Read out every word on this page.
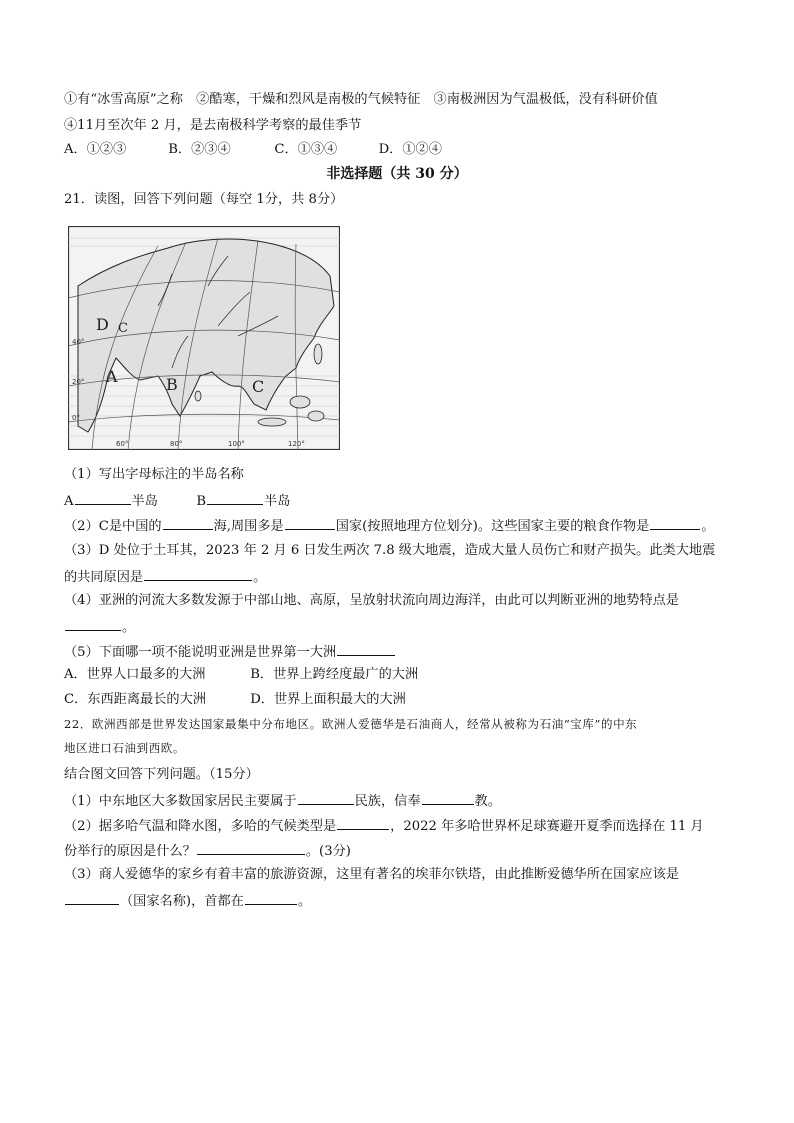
①有“冰雪高原”之称　②酷寒，干燥和烈风是南极的气候特征　③南极洲因为气温极低，没有科研价值
④11月至次年 2 月，是去南极科学考察的最佳季节
A．①②③	B．②③④	C．①③④	D．①②④
非选择题（共 30 分）
21．读图，回答下列问题（每空 1分，共 8分）
D C
A	B	C
40°
20°
0°
60°	80°	100°	120°
（1）写出字母标注的半岛名称
A	半岛	B	半岛
（2）C是中国的	海,周围多是	国家(按照地理方位划分)。这些国家主要的粮食作物是	。
（3）D 处位于土耳其，2023 年 2 月 6 日发生两次 7.8 级大地震，造成大量人员伤亡和财产损失。此类大地震
的共同原因是	。
（4）亚洲的河流大多数发源于中部山地、高原，呈放射状流向周边海洋，由此可以判断亚洲的地势特点是
。
（5）下面哪一项不能说明亚洲是世界第一大洲
A．世界人口最多的大洲	B．世界上跨经度最广的大洲
C．东西距离最长的大洲	D．世界上面积最大的大洲
22．欧洲西部是世界发达国家最集中分布地区。欧洲人爱德华是石油商人，经常从被称为石油“宝库”的中东
地区进口石油到西欧。
结合图文回答下列问题。（15分）
（1）中东地区大多数国家居民主要属于	民族，信奉	教。
（2）据多哈气温和降水图，多哈的气候类型是	，2022 年多哈世界杯足球赛避开夏季而选择在 11 月
份举行的原因是什么？	。(3分)
（3）商人爱德华的家乡有着丰富的旅游资源，这里有著名的埃菲尔铁塔，由此推断爱德华所在国家应该是
（国家名称)，首都在	。
